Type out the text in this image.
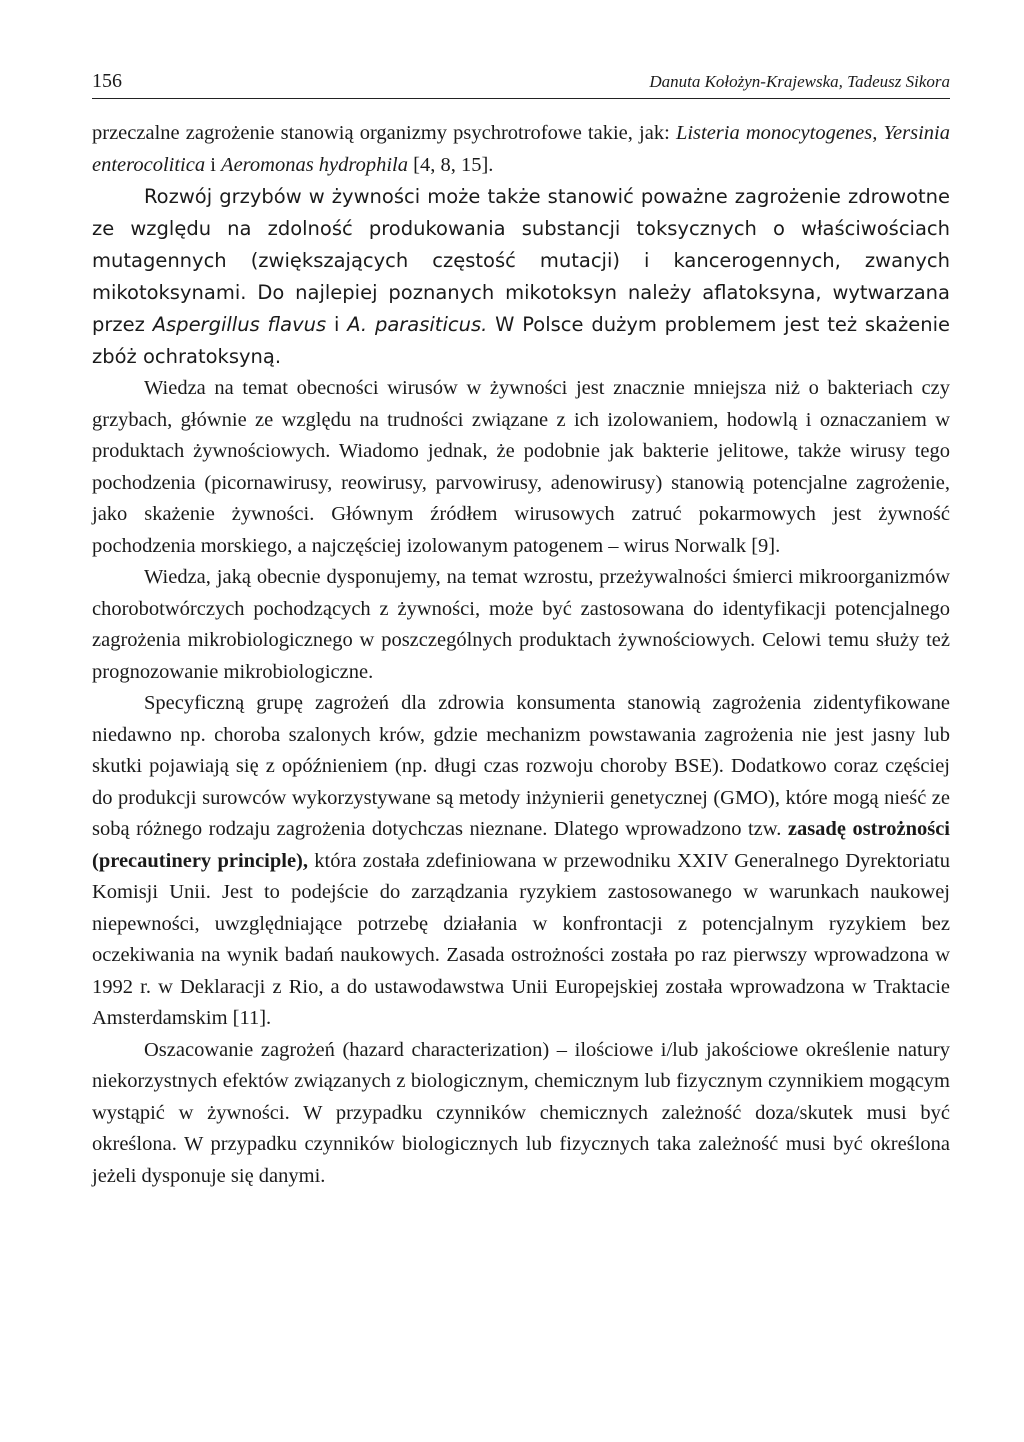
156	Danuta Kołożyn-Krajewska, Tadeusz Sikora

przeczalne zagrożenie stanowią organizmy psychrotrofowe takie, jak: Listeria monocytogenes, Yersinia enterocolitica i Aeromonas hydrophila [4, 8, 15].

Rozwój grzybów w żywności może także stanowić poważne zagrożenie zdrowotne ze względu na zdolność produkowania substancji toksycznych o właściwościach mutagennych (zwiększających częstość mutacji) i kancerogennych, zwanych mikotoksynami. Do najlepiej poznanych mikotoksyn należy aflatoksyna, wytwarzana przez Aspergillus flavus i A. parasiticus. W Polsce dużym problemem jest też skażenie zbóż ochratoksyną.

Wiedza na temat obecności wirusów w żywności jest znacznie mniejsza niż o bakteriach czy grzybach, głównie ze względu na trudności związane z ich izolowaniem, hodowlą i oznaczaniem w produktach żywnościowych. Wiadomo jednak, że podobnie jak bakterie jelitowe, także wirusy tego pochodzenia (picornawirusy, reowirusy, parvowirusy, adenowirusy) stanowią potencjalne zagrożenie, jako skażenie żywności. Głównym źródłem wirusowych zatruć pokarmowych jest żywność pochodzenia morskiego, a najczęściej izolowanym patogenem – wirus Norwalk [9].

Wiedza, jaką obecnie dysponujemy, na temat wzrostu, przeżywalności śmierci mikroorganizmów chorobotwórczych pochodzących z żywności, może być zastosowana do identyfikacji potencjalnego zagrożenia mikrobiologicznego w poszczególnych produktach żywnościowych. Celowi temu służy też prognozowanie mikrobiologiczne.

Specyficzną grupę zagrożeń dla zdrowia konsumenta stanowią zagrożenia zidentyfikowane niedawno np. choroba szalonych krów, gdzie mechanizm powstawania zagrożenia nie jest jasny lub skutki pojawiają się z opóźnieniem (np. długi czas rozwoju choroby BSE). Dodatkowo coraz częściej do produkcji surowców wykorzystywane są metody inżynierii genetycznej (GMO), które mogą nieść ze sobą różnego rodzaju zagrożenia dotychczas nieznane. Dlatego wprowadzono tzw. zasadę ostrożności (precautinery principle), która została zdefiniowana w przewodniku XXIV Generalnego Dyrektoriatu Komisji Unii. Jest to podejście do zarządzania ryzykiem zastosowanego w warunkach naukowej niepewności, uwzględniające potrzebę działania w konfrontacji z potencjalnym ryzykiem bez oczekiwania na wynik badań naukowych. Zasada ostrożności została po raz pierwszy wprowadzona w 1992 r. w Deklaracji z Rio, a do ustawodawstwa Unii Europejskiej została wprowadzona w Traktacie Amsterdamskim [11].

Oszacowanie zagrożeń (hazard characterization) – ilościowe i/lub jakościowe określenie natury niekorzystnych efektów związanych z biologicznym, chemicznym lub fizycznym czynnikiem mogącym wystąpić w żywności. W przypadku czynników chemicznych zależność doza/skutek musi być określona. W przypadku czynników biologicznych lub fizycznych taka zależność musi być określona jeżeli dysponuje się danymi.
